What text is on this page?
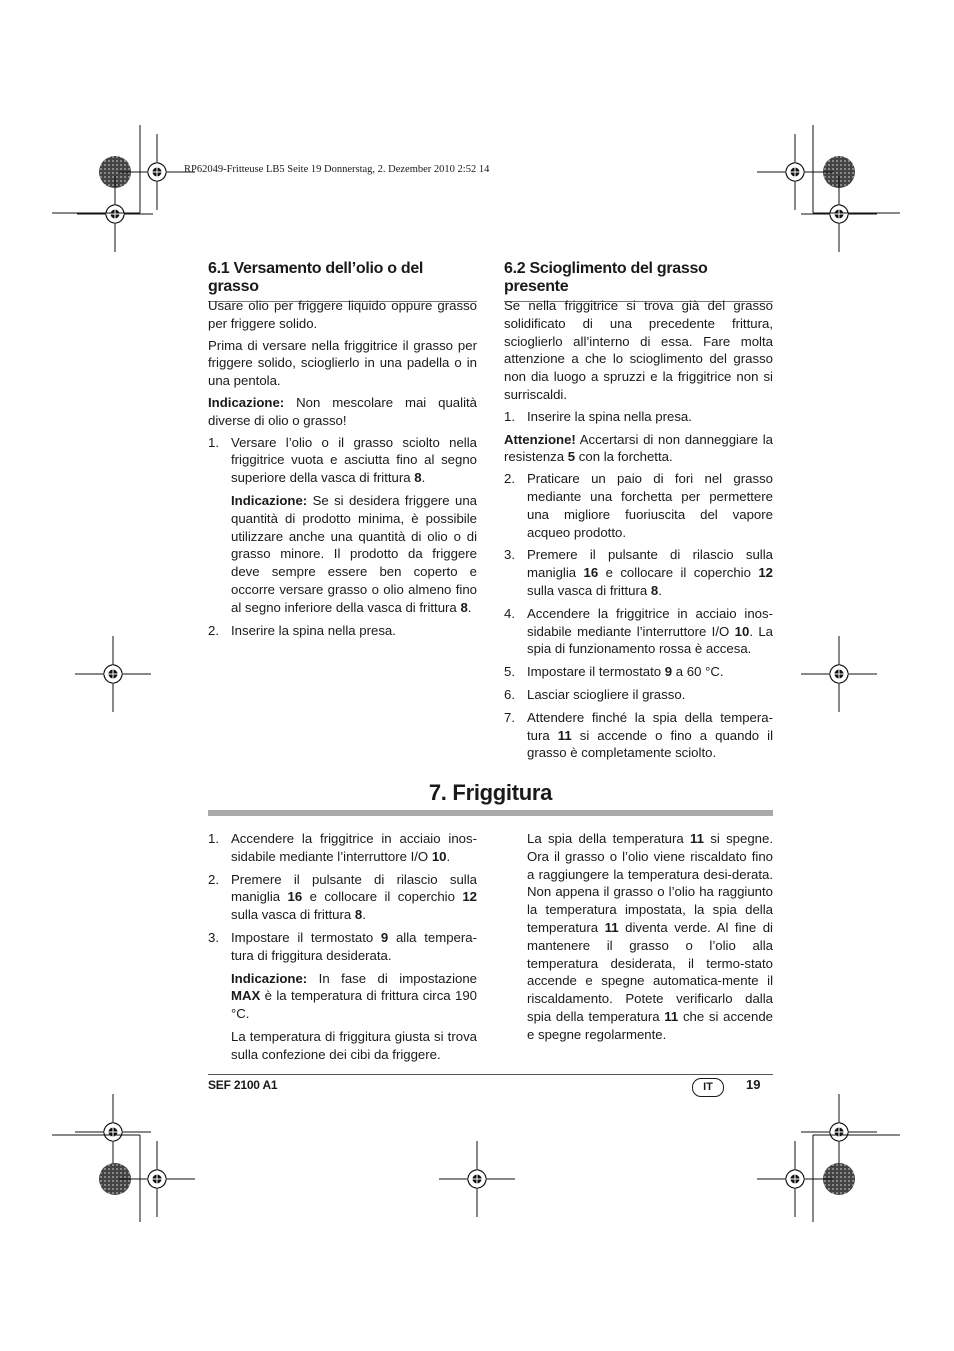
RP62049-Fritteuse LB5 Seite 19 Donnerstag, 2. Dezember 2010 2:52 14
6.1 Versamento dell’olio o del grasso

Usare olio per friggere liquido oppure grasso per friggere solido.

Prima di versare nella friggitrice il grasso per friggere solido, scioglierlo in una padella o in una pentola.

Indicazione: Non mescolare mai qualità diverse di olio o grasso!

1. Versare l’olio o il grasso sciolto nella friggitrice vuota e asciutta fino al segno superiore della vasca di frittura 8.

Indicazione: Se si desidera friggere una quantità di prodotto minima, è possibile utilizzare anche una quantità di olio o di grasso minore. Il prodotto da friggere deve sempre essere ben coperto e occorre versare grasso o olio almeno fino al segno inferiore della vasca di frittura 8.

2. Inserire la spina nella presa.
6.2 Scioglimento del grasso presente

Se nella friggitrice si trova già del grasso solidificato di una precedente frittura, scioglierlo all’interno di essa. Fare molta attenzione a che lo scioglimento del grasso non dia luogo a spruzzi e la friggitrice non si surriscaldi.

1. Inserire la spina nella presa.

Attenzione! Accertarsi di non danneggiare la resistenza 5 con la forchetta.

2. Praticare un paio di fori nel grasso mediante una forchetta per permettere una migliore fuoriuscita del vapore acqueo prodotto.
3. Premere il pulsante di rilascio sulla maniglia 16 e collocare il coperchio 12 sulla vasca di frittura 8.
4. Accendere la friggitrice in acciaio inos-sidabile mediante l’interruttore I/O 10. La spia di funzionamento rossa è accesa.
5. Impostare il termostato 9 a 60 °C.
6. Lasciar sciogliere il grasso.
7. Attendere finché la spia della tempera-tura 11 si accende o fino a quando il grasso è completamente sciolto.
7. Friggitura
1. Accendere la friggitrice in acciaio inos-sidabile mediante l’interruttore I/O 10.
2. Premere il pulsante di rilascio sulla maniglia 16 e collocare il coperchio 12 sulla vasca di frittura 8.
3. Impostare il termostato 9 alla tempera-tura di friggitura desiderata.

Indicazione: In fase di impostazione MAX è la temperatura di frittura circa 190 °C.

La temperatura di friggitura giusta si trova sulla confezione dei cibi da friggere.

La spia della temperatura 11 si spegne. Ora il grasso o l’olio viene riscaldato fino a raggiungere la temperatura desi-derata. Non appena il grasso o l’olio ha raggiunto la temperatura impostata, la spia della temperatura 11 diventa verde. Al fine di mantenere il grasso o l’olio alla temperatura desiderata, il termo-stato accende e spegne automatica-mente il riscaldamento. Potete verificarlo dalla spia della temperatura 11 che si accende e spegne regolarmente.

SEF 2100 A1	IT	19
